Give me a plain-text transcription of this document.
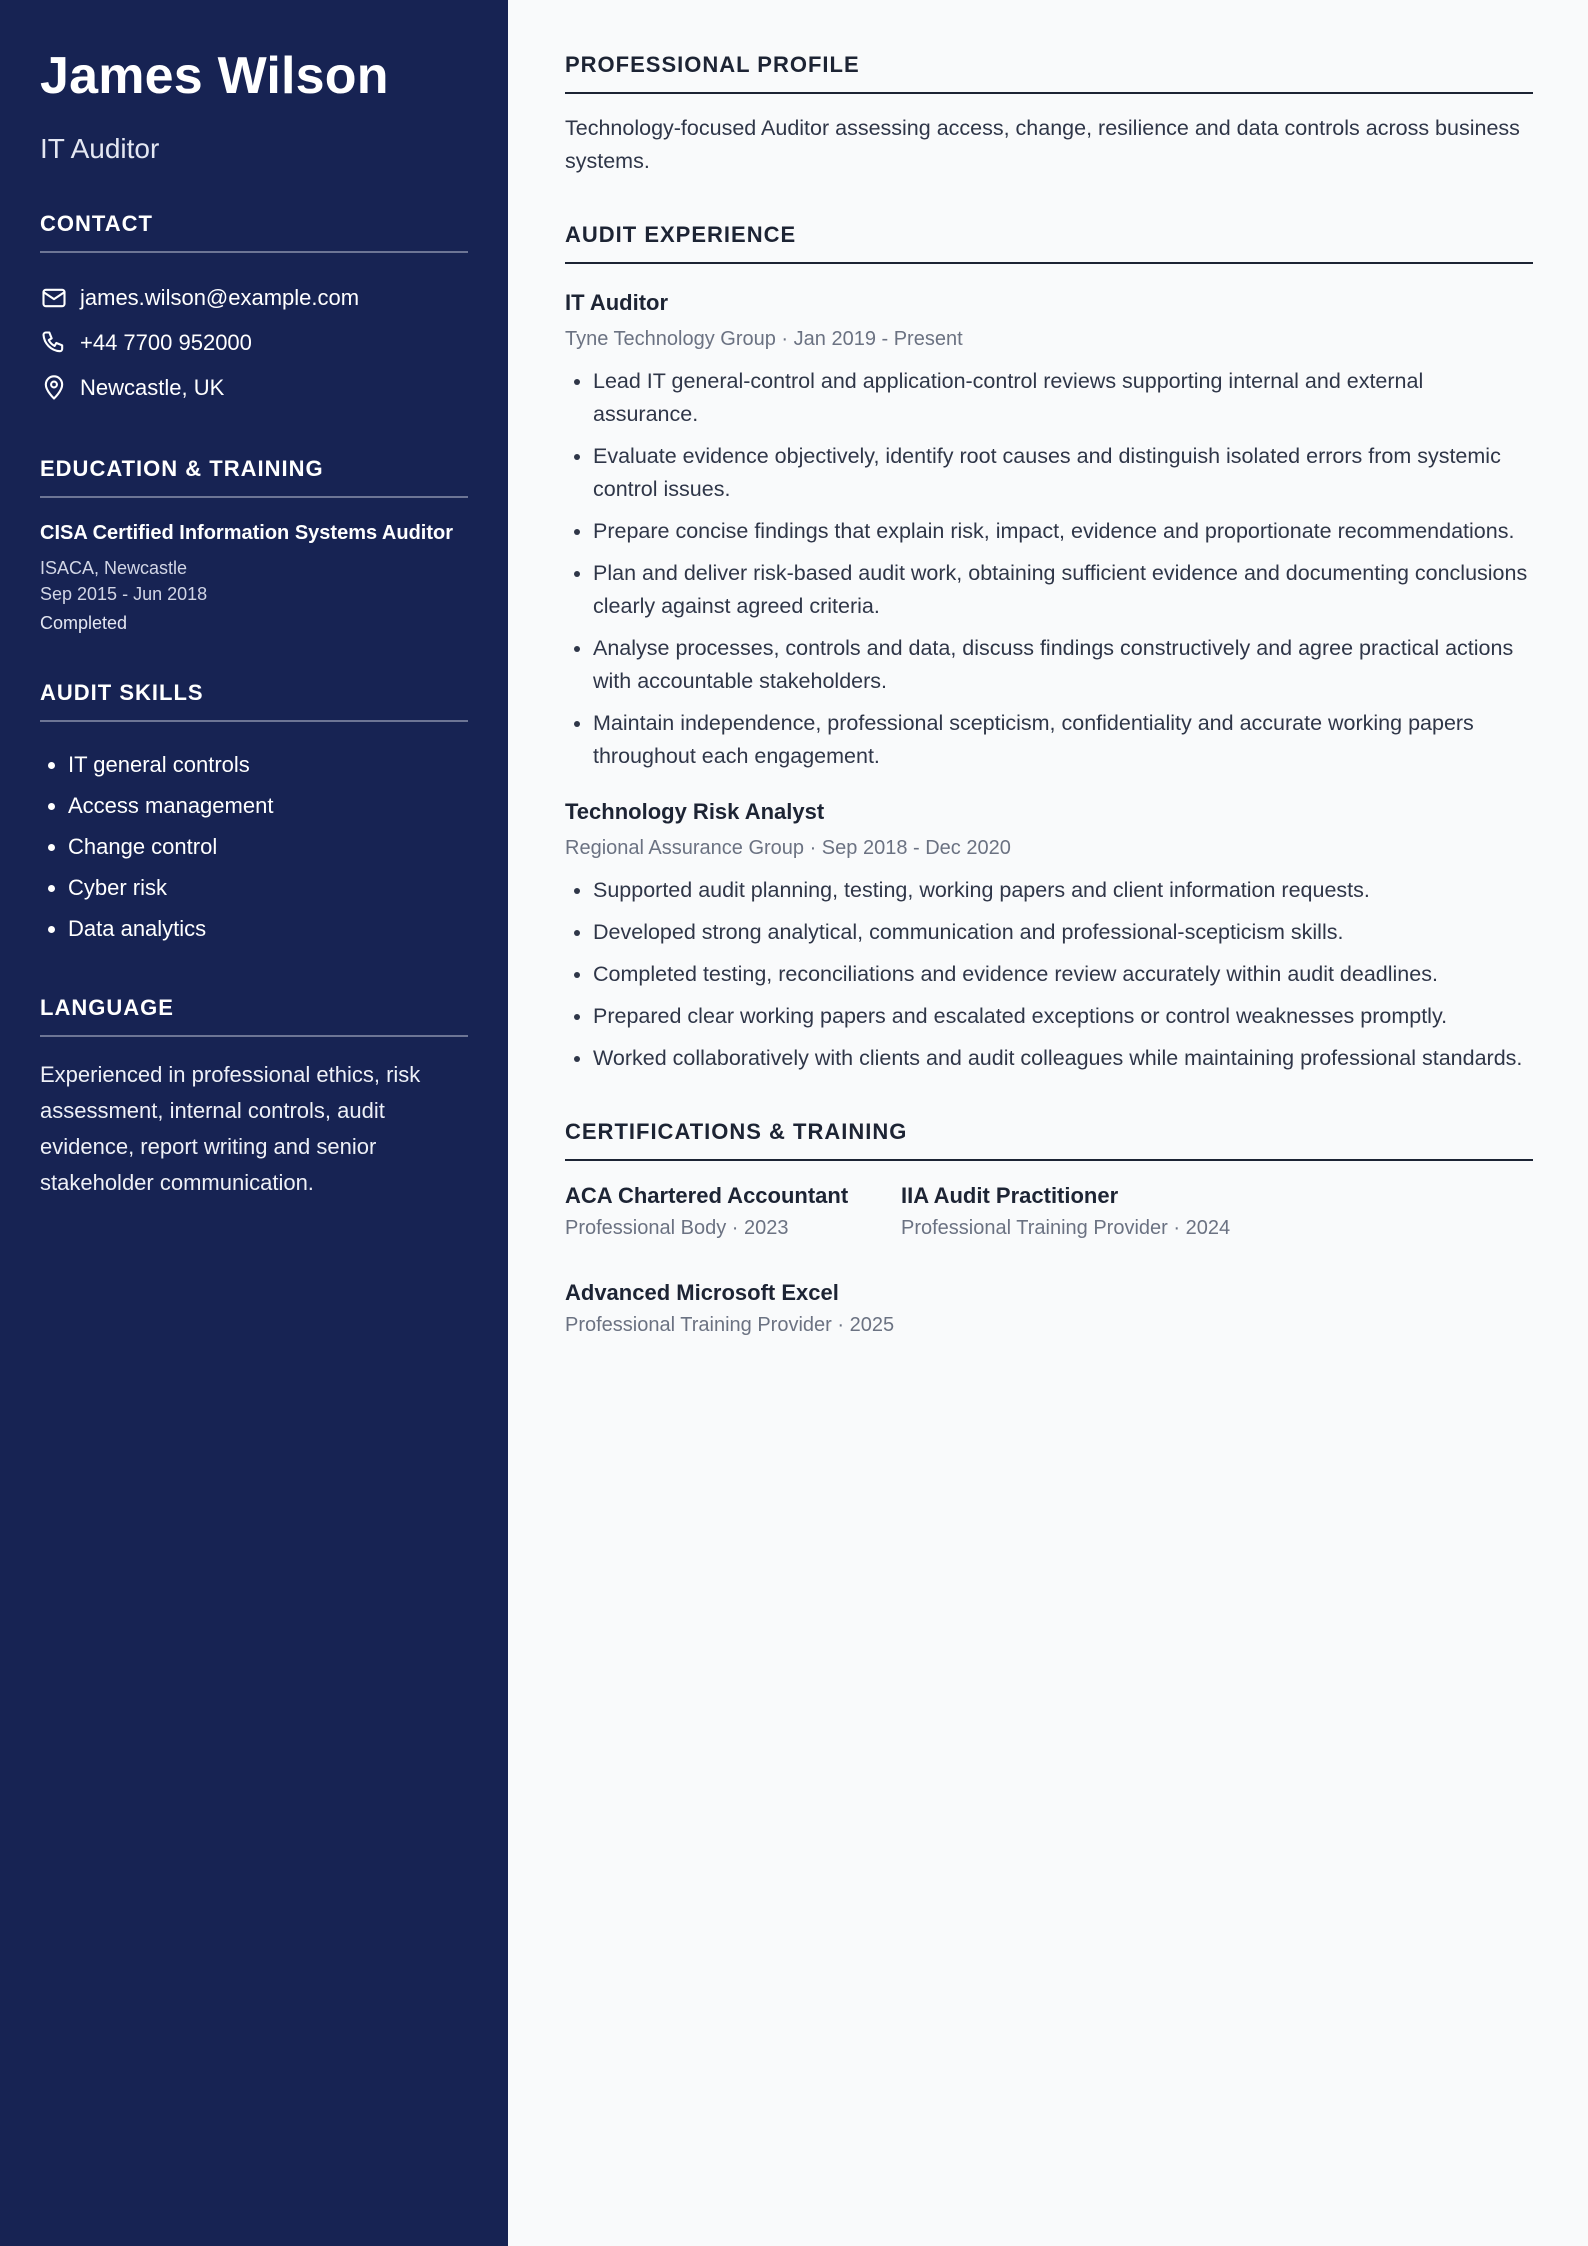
James Wilson
IT Auditor
CONTACT
james.wilson@example.com
+44 7700 952000
Newcastle, UK
EDUCATION & TRAINING
CISA Certified Information Systems Auditor
ISACA, Newcastle
Sep 2015 - Jun 2018
Completed
AUDIT SKILLS
• IT general controls
• Access management
• Change control
• Cyber risk
• Data analytics
LANGUAGE
Experienced in professional ethics, risk assessment, internal controls, audit evidence, report writing and senior stakeholder communication.
PROFESSIONAL PROFILE
Technology-focused Auditor assessing access, change, resilience and data controls across business systems.
AUDIT EXPERIENCE
IT Auditor
Tyne Technology Group · Jan 2019 - Present
• Lead IT general-control and application-control reviews supporting internal and external assurance.
• Evaluate evidence objectively, identify root causes and distinguish isolated errors from systemic control issues.
• Prepare concise findings that explain risk, impact, evidence and proportionate recommendations.
• Plan and deliver risk-based audit work, obtaining sufficient evidence and documenting conclusions clearly against agreed criteria.
• Analyse processes, controls and data, discuss findings constructively and agree practical actions with accountable stakeholders.
• Maintain independence, professional scepticism, confidentiality and accurate working papers throughout each engagement.
Technology Risk Analyst
Regional Assurance Group · Sep 2018 - Dec 2020
• Supported audit planning, testing, working papers and client information requests.
• Developed strong analytical, communication and professional-scepticism skills.
• Completed testing, reconciliations and evidence review accurately within audit deadlines.
• Prepared clear working papers and escalated exceptions or control weaknesses promptly.
• Worked collaboratively with clients and audit colleagues while maintaining professional standards.
CERTIFICATIONS & TRAINING
ACA Chartered Accountant
Professional Body · 2023
IIA Audit Practitioner
Professional Training Provider · 2024
Advanced Microsoft Excel
Professional Training Provider · 2025
